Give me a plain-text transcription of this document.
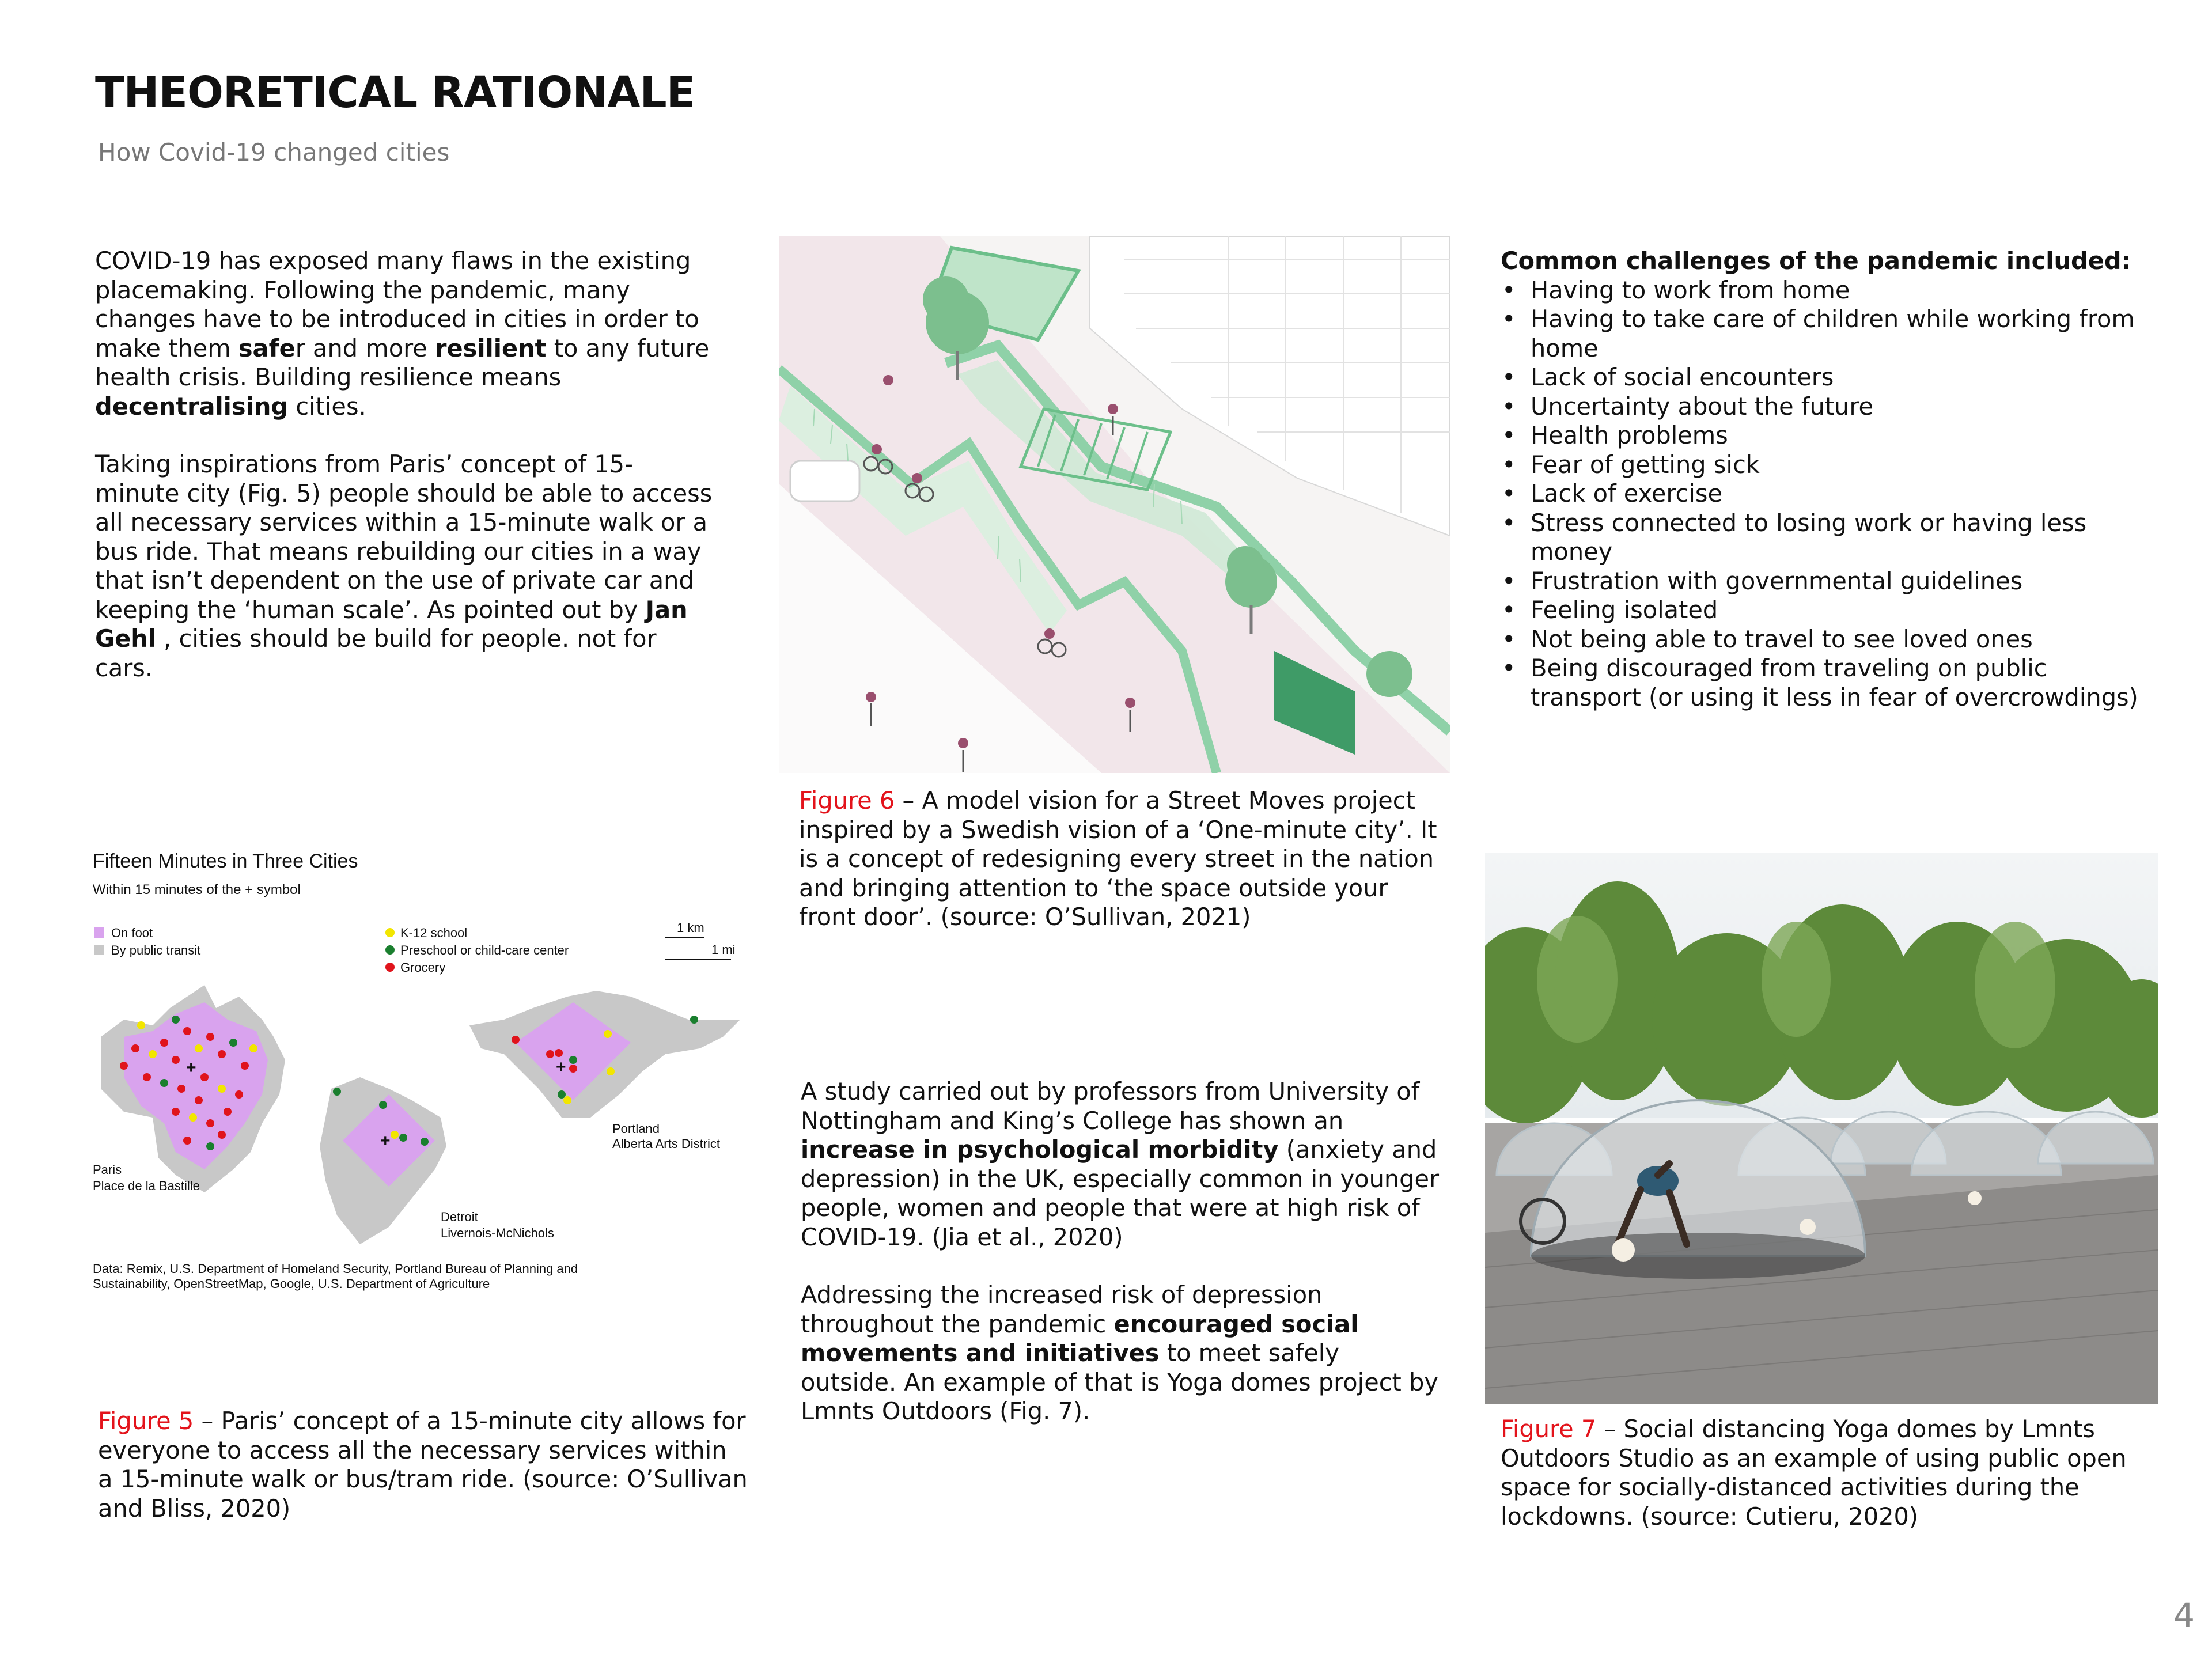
THEORETICAL RATIONALE
How Covid-19 changed cities

COVID-19 has exposed many flaws in the existing placemaking. Following the pandemic, many changes have to be introduced in cities in order to make them safer and more resilient to any future health crisis. Building resilience means decentralising cities.

Taking inspirations from Paris’ concept of 15-minute city (Fig. 5) people should be able to access all necessary services within a 15-minute walk or a bus ride. That means rebuilding our cities in a way that isn’t dependent on the use of private car and keeping the ‘human scale’. As pointed out by Jan Gehl , cities should be build for people. not for cars.

Common challenges of the pandemic included:
• Having to work from home
• Having to take care of children while working from home
• Lack of social encounters
• Uncertainty about the future
• Health problems
• Fear of getting sick
• Lack of exercise
• Stress connected to losing work or having less money
• Frustration with governmental guidelines
• Feeling isolated
• Not being able to travel to see loved ones
• Being discouraged from traveling on public transport (or using it less in fear of overcrowdings)
Figure 6 – A model vision for a Street Moves project inspired by a Swedish vision of a ‘One-minute city’. It is a concept of redesigning every street in the nation and bringing attention to ‘the space outside your front door’. (source: O’Sullivan, 2021)
Fifteen Minutes in Three Cities
Within 15 minutes of the + symbol
On foot
By public transit
K-12 school
Preschool or child-care center
Grocery
1 km
1 mi
+
Paris
Place de la Bastille
+
Detroit
Livernois-McNichols
+
Portland
Alberta Arts District
Data: Remix, U.S. Department of Homeland Security, Portland Bureau of Planning and
Sustainability, OpenStreetMap, Google, U.S. Department of Agriculture

A study carried out by professors from University of Nottingham and King’s College has shown an increase in psychological morbidity (anxiety and depression) in the UK, especially common in younger people, women and people that were at high risk of COVID-19. (Jia et al., 2020)

Addressing the increased risk of depression throughout the pandemic encouraged social movements and initiatives to meet safely outside. An example of that is Yoga domes project by Lmnts Outdoors (Fig. 7).

Figure 5 – Paris’ concept of a 15-minute city allows for everyone to access all the necessary services within a 15-minute walk or bus/tram ride. (source: O’Sullivan and Bliss, 2020)
Figure 7 – Social distancing Yoga domes by Lmnts Outdoors Studio as an example of using public open space for socially-distanced activities during the lockdowns. (source: Cutieru, 2020)
4
